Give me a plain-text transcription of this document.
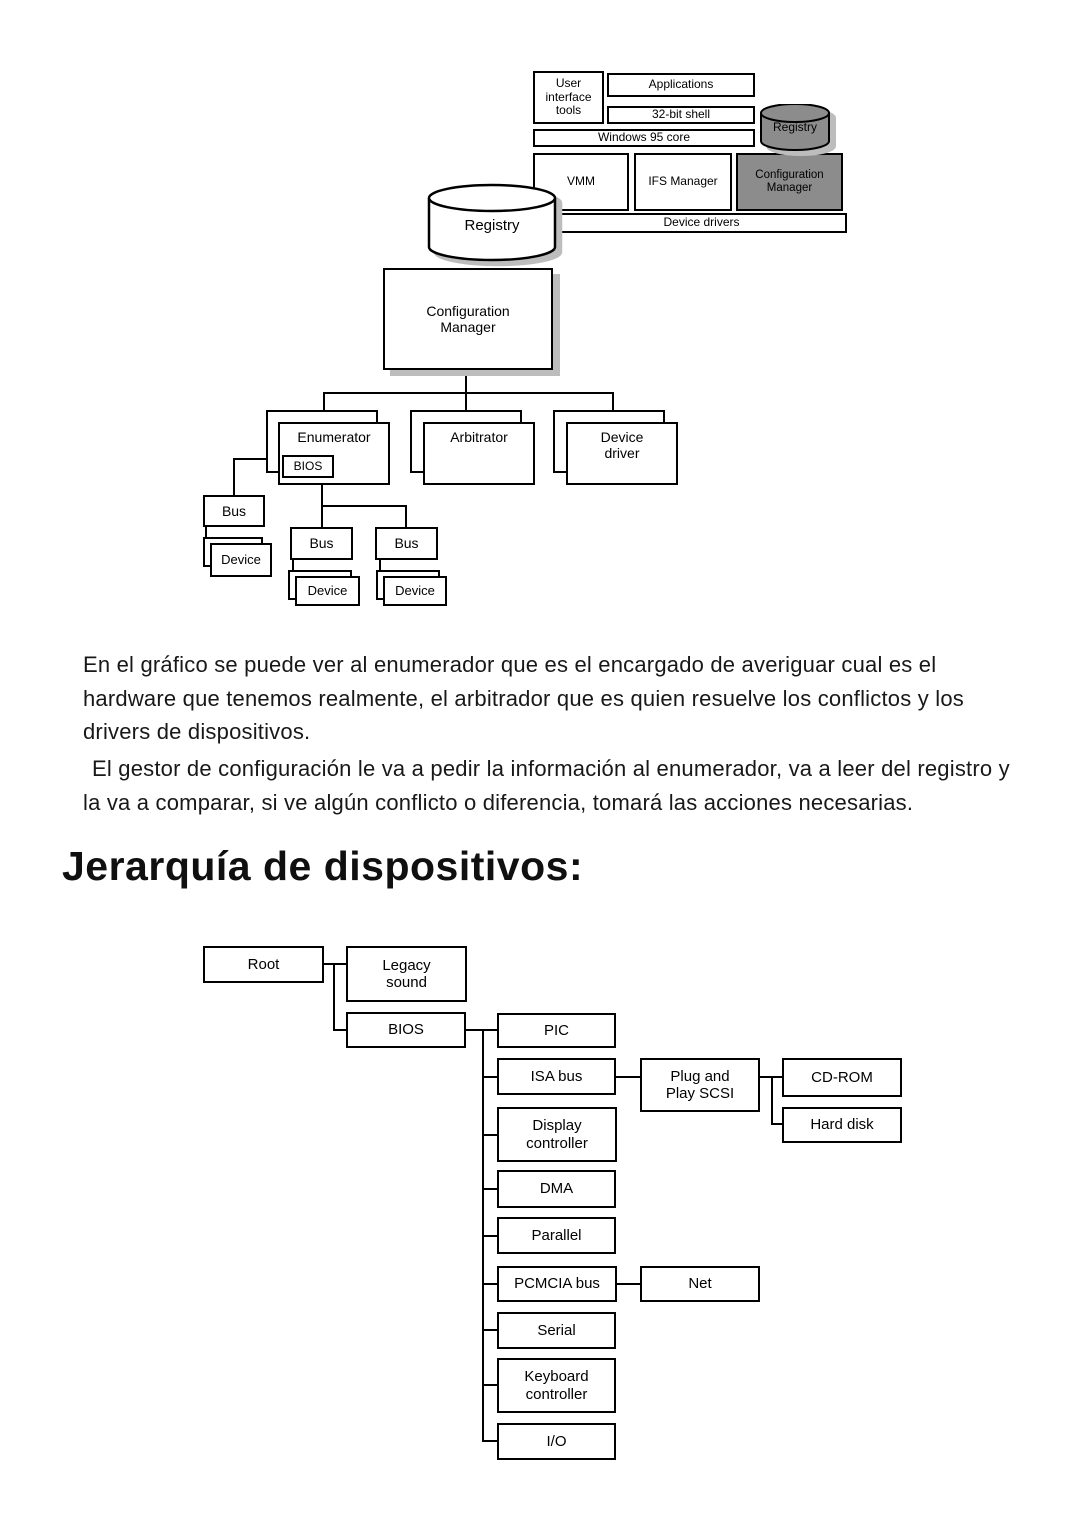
User interface tools
Applications
32-bit shell
Windows 95 core
VMM	IFS Manager	Configuration Manager
Device drivers
Registry
Registry
Configuration Manager
Enumerator
BIOS
Arbitrator	Device driver
Bus
Device
Bus
Device
Bus
Device

En el gráfico se puede ver al enumerador que es el encargado de averiguar cual es el hardware que tenemos realmente, el arbitrador que es quien resuelve los conflictos y los drivers de dispositivos.

El gestor de configuración le va a pedir la información al enumerador, va a leer del registro y la va a comparar, si ve algún conflicto o diferencia, tomará las acciones necesarias.

Jerarquía de dispositivos:
Root	Legacy sound
BIOS	PIC
ISA bus	Plug and Play SCSI
CD-ROM
Hard disk
Display controller
DMA
Parallel
PCMCIA bus	Net
Serial
Keyboard controller
I/O
